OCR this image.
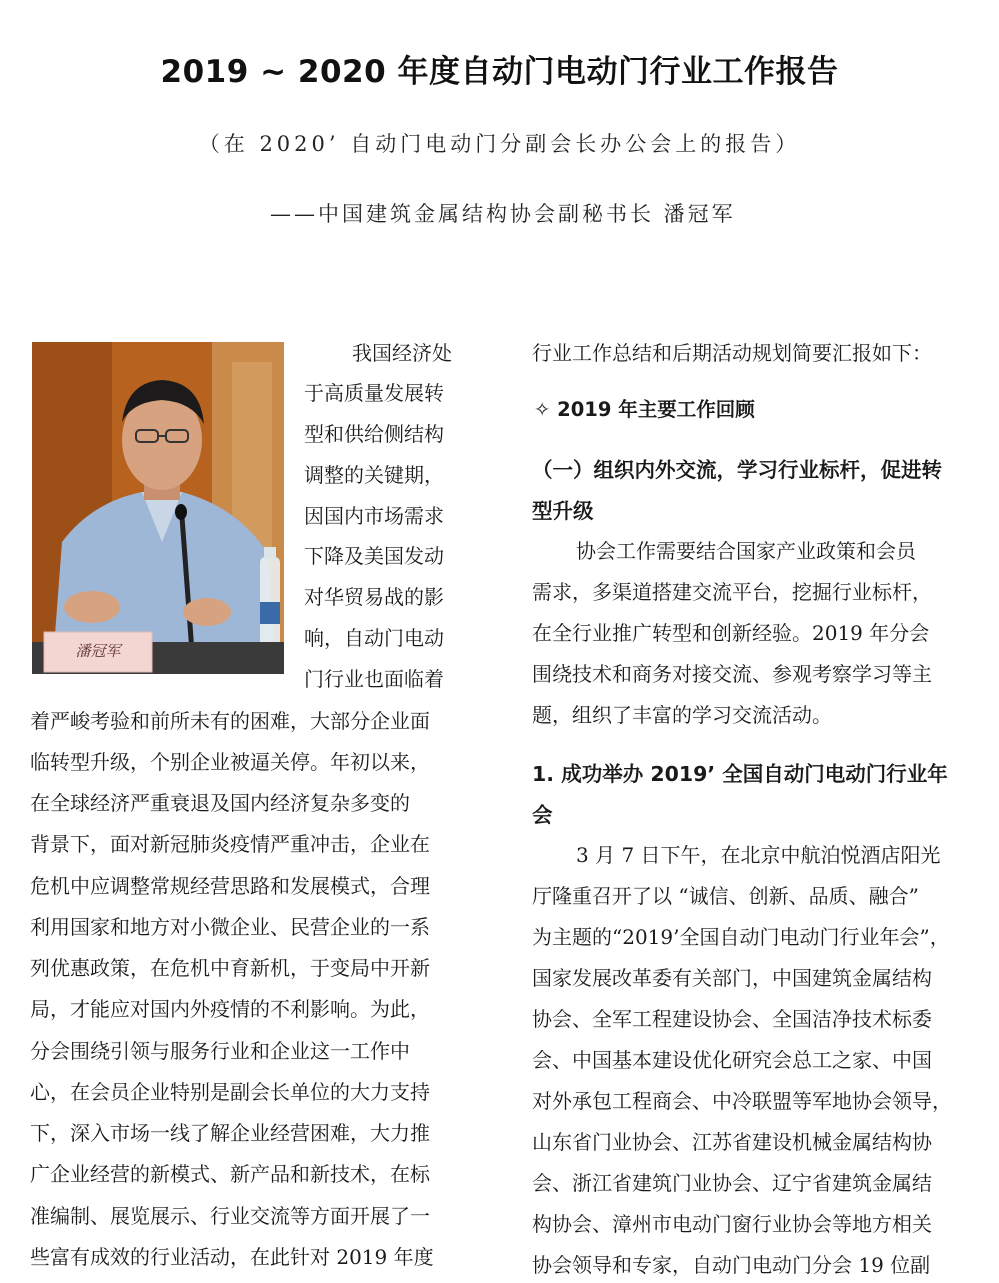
2019 ~ 2020 年度自动门电动门行业工作报告
（在 2020’ 自动门电动门分副会长办公会上的报告）
——中国建筑金属结构协会副秘书长 潘冠军
潘冠军
我国经济处
于高质量发展转
型和供给侧结构
调整的关键期，
因国内市场需求
下降及美国发动
对华贸易战的影
响，自动门电动
门行业也面临着
着严峻考验和前所未有的困难，大部分企业面
临转型升级，个别企业被逼关停。年初以来，
在全球经济严重衰退及国内经济复杂多变的
背景下，面对新冠肺炎疫情严重冲击，企业在
危机中应调整常规经营思路和发展模式，合理
利用国家和地方对小微企业、民营企业的一系
列优惠政策，在危机中育新机，于变局中开新
局，才能应对国内外疫情的不利影响。为此，
分会围绕引领与服务行业和企业这一工作中
心，在会员企业特别是副会长单位的大力支持
下，深入市场一线了解企业经营困难，大力推
广企业经营的新模式、新产品和新技术，在标
准编制、展览展示、行业交流等方面开展了一
些富有成效的行业活动，在此针对 2019 年度
行业工作总结和后期活动规划简要汇报如下：
✧ 2019 年主要工作回顾
（一）组织内外交流，学习行业标杆，促进转
型升级
协会工作需要结合国家产业政策和会员
需求，多渠道搭建交流平台，挖掘行业标杆，
在全行业推广转型和创新经验。2019 年分会
围绕技术和商务对接交流、参观考察学习等主
题，组织了丰富的学习交流活动。
1. 成功举办 2019’ 全国自动门电动门行业年
会
3 月 7 日下午，在北京中航泊悦酒店阳光
厅隆重召开了以 “诚信、创新、品质、融合”
为主题的“2019’全国自动门电动门行业年会”，
国家发展改革委有关部门，中国建筑金属结构
协会、全军工程建设协会、全国洁净技术标委
会、中国基本建设优化研究会总工之家、中国
对外承包工程商会、中冷联盟等军地协会领导，
山东省门业协会、江苏省建设机械金属结构协
会、浙江省建筑门业协会、辽宁省建筑金属结
构协会、漳州市电动门窗行业协会等地方相关
协会领导和专家，自动门电动门分会 19 位副
